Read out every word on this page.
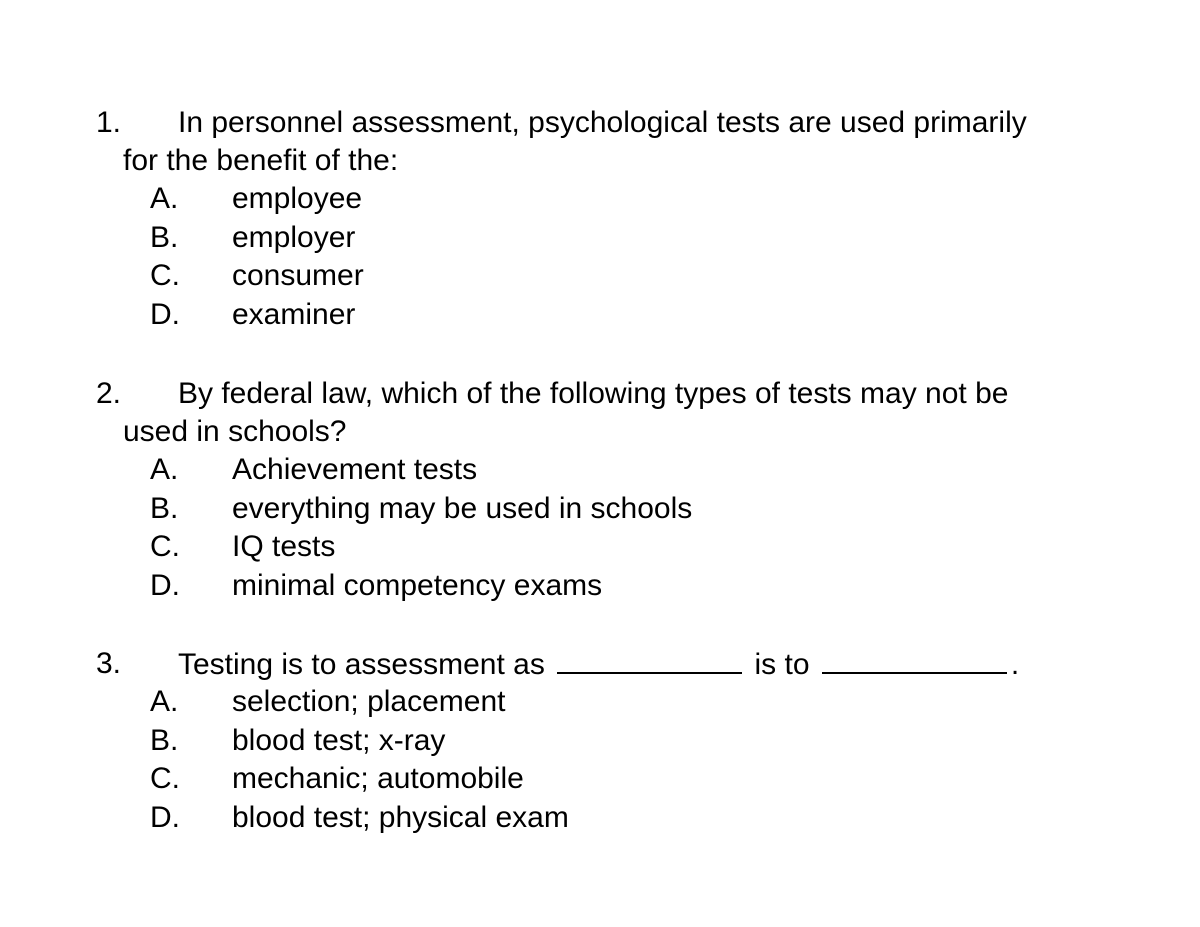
1. In personnel assessment, psychological tests are used primarily
for the benefit of the:
A. employee
B. employer
C. consumer
D. examiner
2. By federal law, which of the following types of tests may not be
used in schools?
A. Achievement tests
B. everything may be used in schools
C. IQ tests
D. minimal competency exams
3. Testing is to assessment as	is to	.
A. selection; placement
B. blood test; x-ray
C. mechanic; automobile
D. blood test; physical exam
